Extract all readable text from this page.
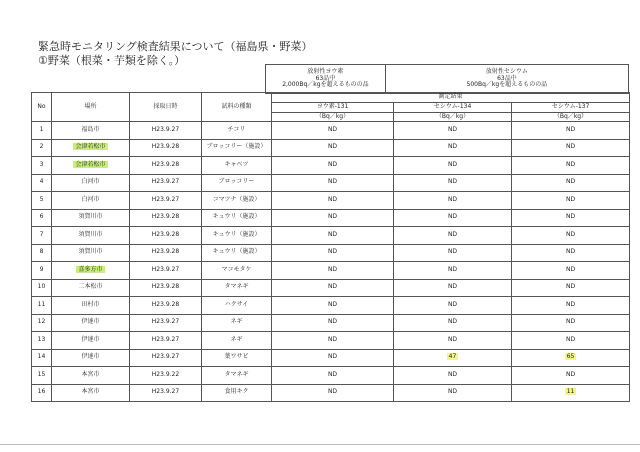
緊急時モニタリング検査結果について（福島県・野菜）
①野菜（根菜・芋類を除く。）
放射性ヨウ素
63品中
2,000Bq／kgを超えるものの品

放射性セシウム
63品中
500Bq／kgを超えるものの品
No	場所	採取日時	試料の種類	測定結果		
				ヨウ素-131	セシウム-134	セシウム-137
				（Bq／kg）	（Bq／kg）	（Bq／kg）
1	福島市	H23.9.27	チコリ	ND	ND	ND
2	会津若松市	H23.9.28	ブロッコリー（施設）	ND	ND	ND
3	会津若松市	H23.9.28	キャベツ	ND	ND	ND
4	白河市	H23.9.27	ブロッコリー	ND	ND	ND
5	白河市	H23.9.27	コマツナ（施設）	ND	ND	ND
6	須賀川市	H23.9.28	キュウリ（施設）	ND	ND	ND
7	須賀川市	H23.9.28	キュウリ（施設）	ND	ND	ND
8	須賀川市	H23.9.28	キュウリ（施設）	ND	ND	ND
9	喜多方市	H23.9.27	マコモタケ	ND	ND	ND
10	二本松市	H23.9.28	タマネギ	ND	ND	ND
11	田村市	H23.9.28	ハクサイ	ND	ND	ND
12	伊達市	H23.9.27	ネギ	ND	ND	ND
13	伊達市	H23.9.27	ネギ	ND	ND	ND
14	伊達市	H23.9.27	葉ワサビ	ND	47	65
15	本宮市	H23.9.22	タマネギ	ND	ND	ND
16	本宮市	H23.9.27	食用キク	ND	ND	11
